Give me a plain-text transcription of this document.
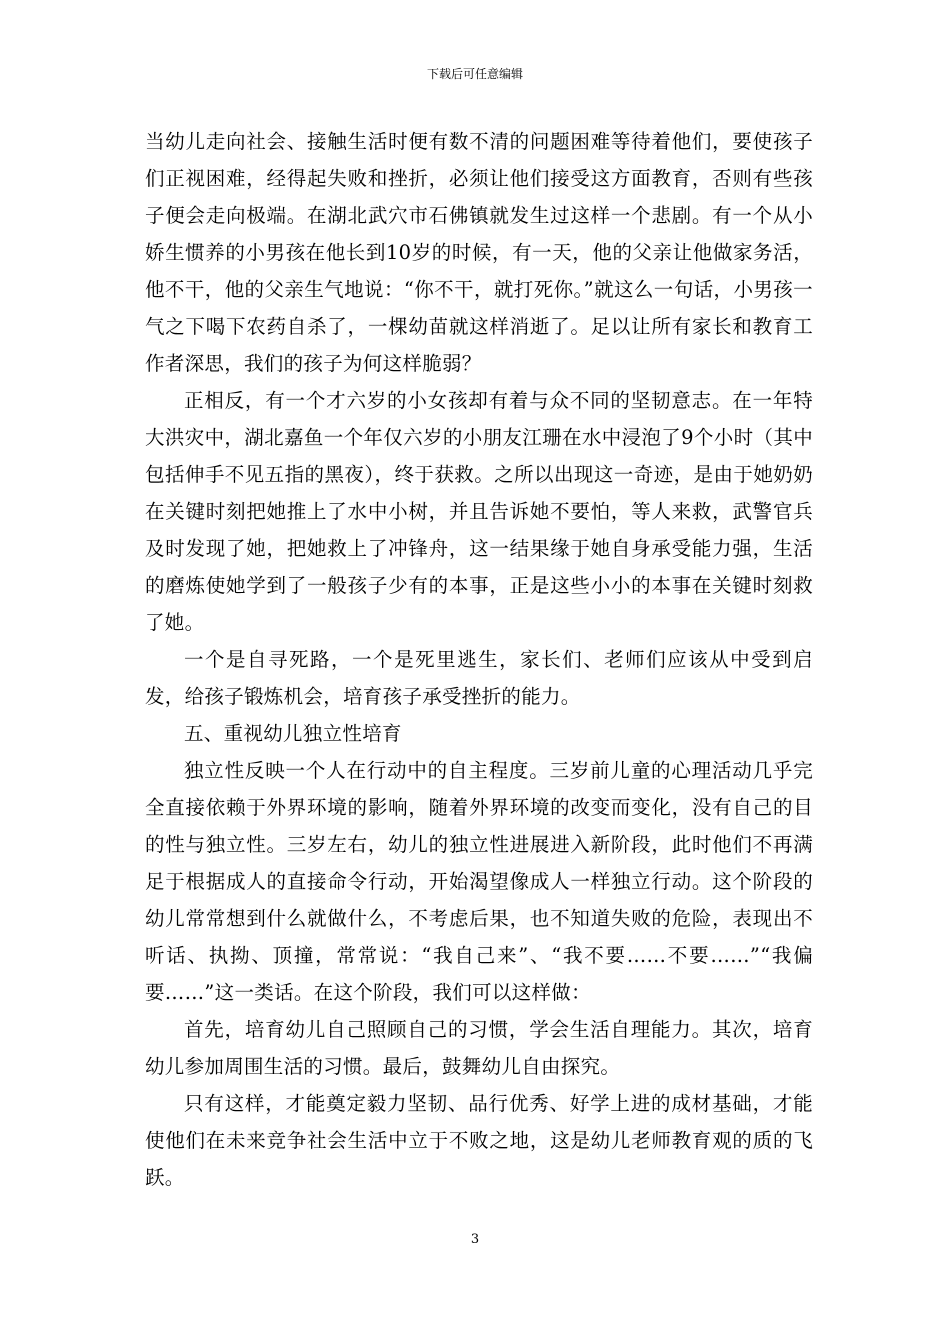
下载后可任意编辑

当幼儿走向社会、接触生活时便有数不清的问题困难等待着他们，要使孩子们正视困难，经得起失败和挫折，必须让他们接受这方面教育，否则有些孩子便会走向极端。在湖北武穴市石佛镇就发生过这样一个悲剧。有一个从小娇生惯养的小男孩在他长到10岁的时候，有一天，他的父亲让他做家务活，他不干，他的父亲生气地说：“你不干，就打死你。”就这么一句话，小男孩一气之下喝下农药自杀了，一棵幼苗就这样消逝了。足以让所有家长和教育工作者深思，我们的孩子为何这样脆弱？

正相反，有一个才六岁的小女孩却有着与众不同的坚韧意志。在一年特大洪灾中，湖北嘉鱼一个年仅六岁的小朋友江珊在水中浸泡了9个小时（其中包括伸手不见五指的黑夜），终于获救。之所以出现这一奇迹，是由于她奶奶在关键时刻把她推上了水中小树，并且告诉她不要怕，等人来救，武警官兵及时发现了她，把她救上了冲锋舟，这一结果缘于她自身承受能力强，生活的磨炼使她学到了一般孩子少有的本事，正是这些小小的本事在关键时刻救了她。

一个是自寻死路，一个是死里逃生，家长们、老师们应该从中受到启发，给孩子锻炼机会，培育孩子承受挫折的能力。

五、重视幼儿独立性培育

独立性反映一个人在行动中的自主程度。三岁前儿童的心理活动几乎完全直接依赖于外界环境的影响，随着外界环境的改变而变化，没有自己的目的性与独立性。三岁左右，幼儿的独立性进展进入新阶段，此时他们不再满足于根据成人的直接命令行动，开始渴望像成人一样独立行动。这个阶段的幼儿常常想到什么就做什么，不考虑后果，也不知道失败的危险，表现出不听话、执拗、顶撞，常常说：“我自己来”、“我不要……不要……”“我偏要……”这一类话。在这个阶段，我们可以这样做：

首先，培育幼儿自己照顾自己的习惯，学会生活自理能力。其次，培育幼儿参加周围生活的习惯。最后，鼓舞幼儿自由探究。

只有这样，才能奠定毅力坚韧、品行优秀、好学上进的成材基础，才能使他们在未来竞争社会生活中立于不败之地，这是幼儿老师教育观的质的飞跃。

3
